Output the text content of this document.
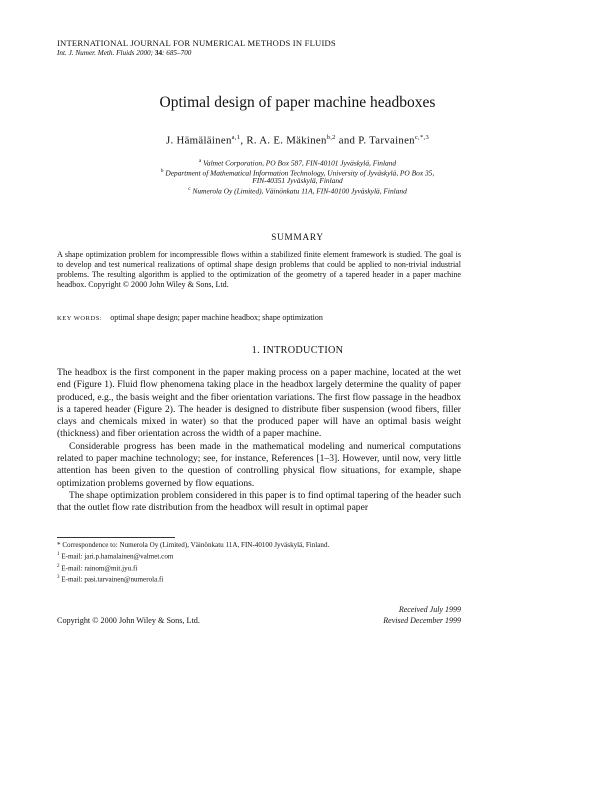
INTERNATIONAL JOURNAL FOR NUMERICAL METHODS IN FLUIDS
Int. J. Numer. Meth. Fluids 2000; 34: 685–700
Optimal design of paper machine headboxes
J. Hämäläinen$^{a,1}$, R. A. E. Mäkinen$^{b,2}$ and P. Tarvainen$^{c,*,3}$
$^a$ Valmet Corporation, PO Box 587, FIN-40101 Jyväskylä, Finland
$^b$ Department of Mathematical Information Technology, University of Jyväskylä, PO Box 35,
FIN-40351 Jyväskylä, Finland
$^c$ Numerola Oy (Limited), Väinönkatu 11A, FIN-40100 Jyväskylä, Finland
SUMMARY
A shape optimization problem for incompressible flows within a stabilized finite element framework is studied. The goal is to develop and test numerical realizations of optimal shape design problems that could be applied to non-trivial industrial problems. The resulting algorithm is applied to the optimization of the geometry of a tapered header in a paper machine headbox. Copyright © 2000 John Wiley & Sons, Ltd.
KEY WORDS: optimal shape design; paper machine headbox; shape optimization
1. INTRODUCTION

The headbox is the first component in the paper making process on a paper machine, located at the wet end (Figure 1). Fluid flow phenomena taking place in the headbox largely determine the quality of paper produced, e.g., the basis weight and the fiber orientation variations. The first flow passage in the headbox is a tapered header (Figure 2). The header is designed to distribute fiber suspension (wood fibers, filler clays and chemicals mixed in water) so that the produced paper will have an optimal basis weight (thickness) and fiber orientation across the width of a paper machine.

Considerable progress has been made in the mathematical modeling and numerical computations related to paper machine technology; see, for instance, References [1–3]. However, until now, very little attention has been given to the question of controlling physical flow situations, for example, shape optimization problems governed by flow equations.

The shape optimization problem considered in this paper is to find optimal tapering of the header such that the outlet flow rate distribution from the headbox will result in optimal paper

* Correspondence to: Numerola Oy (Limited), Väinönkatu 11A, FIN-40100 Jyväskylä, Finland.
$^1$ E-mail: jari.p.hamalainen@valmet.com
$^2$ E-mail: rainom@mit.jyu.fi
$^3$ E-mail: pasi.tarvainen@numerola.fi
Received July 1999
Revised December 1999
Copyright © 2000 John Wiley & Sons, Ltd.
